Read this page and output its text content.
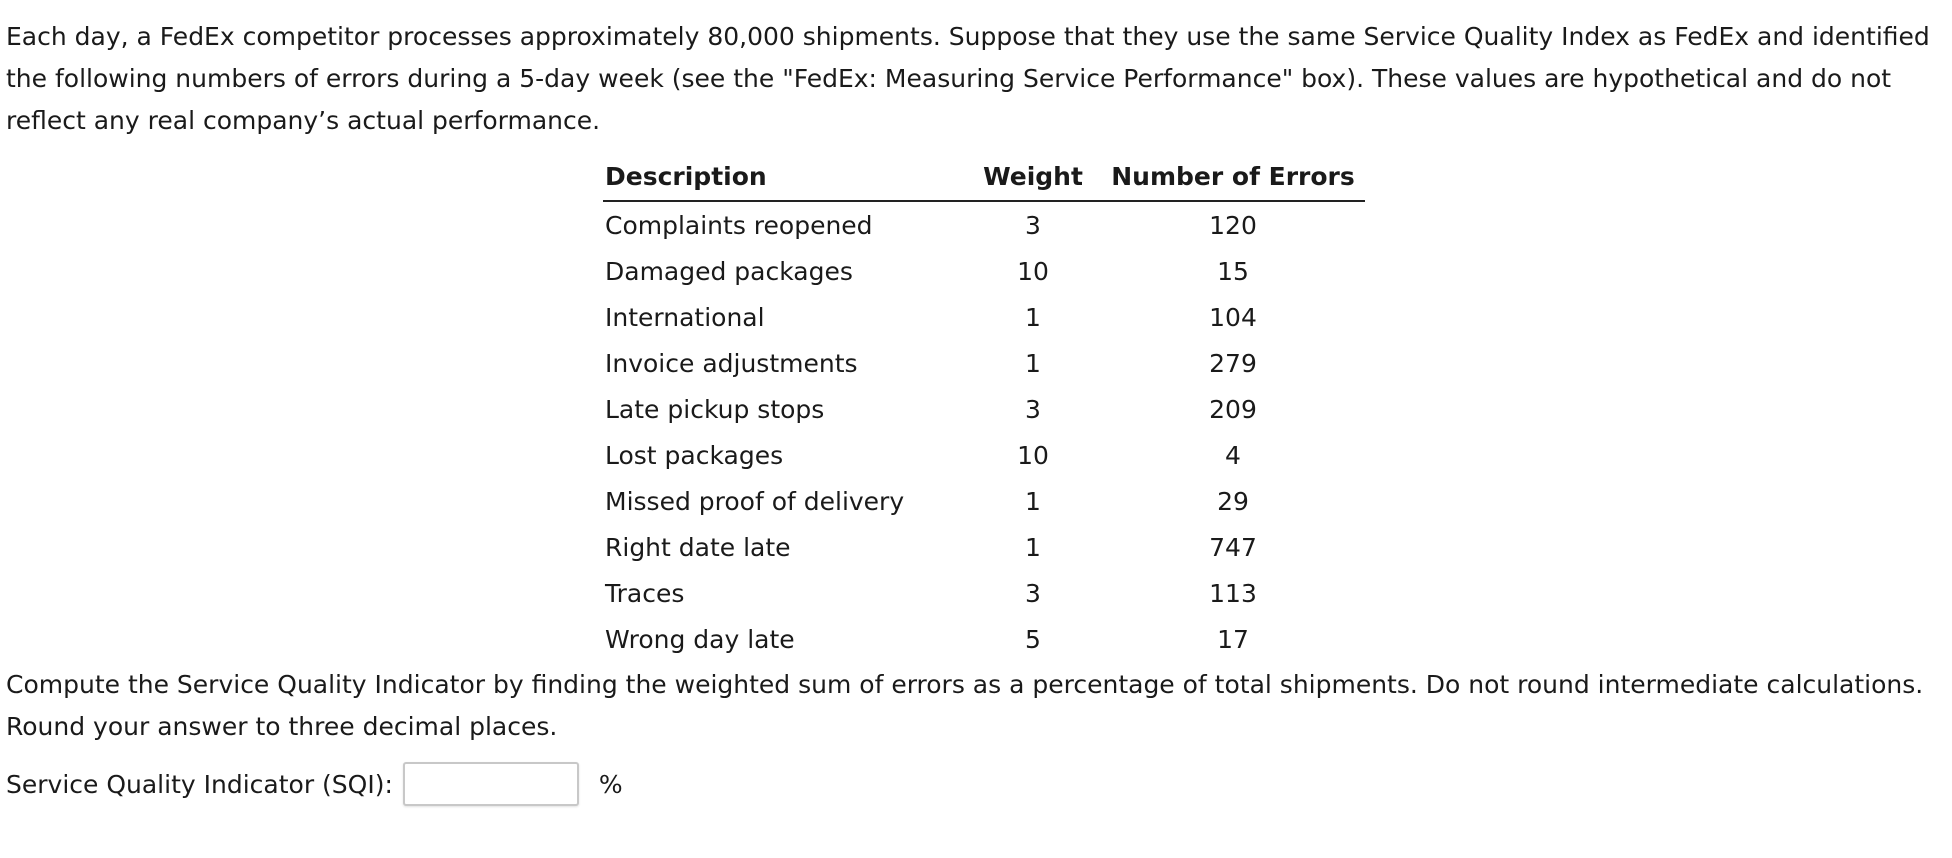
Each day, a FedEx competitor processes approximately 80,000 shipments. Suppose that they use the same Service Quality Index as FedEx and identified the following numbers of errors during a 5-day week (see the "FedEx: Measuring Service Performance" box). These values are hypothetical and do not reflect any real company’s actual performance.

Description	Weight	Number of Errors
Complaints reopened	3	120
Damaged packages	10	15
International	1	104
Invoice adjustments	1	279
Late pickup stops	3	209
Lost packages	10	4
Missed proof of delivery	1	29
Right date late	1	747
Traces	3	113
Wrong day late	5	17

Compute the Service Quality Indicator by finding the weighted sum of errors as a percentage of total shipments. Do not round intermediate calculations. Round your answer to three decimal places.

Service Quality Indicator (SQI):	%
